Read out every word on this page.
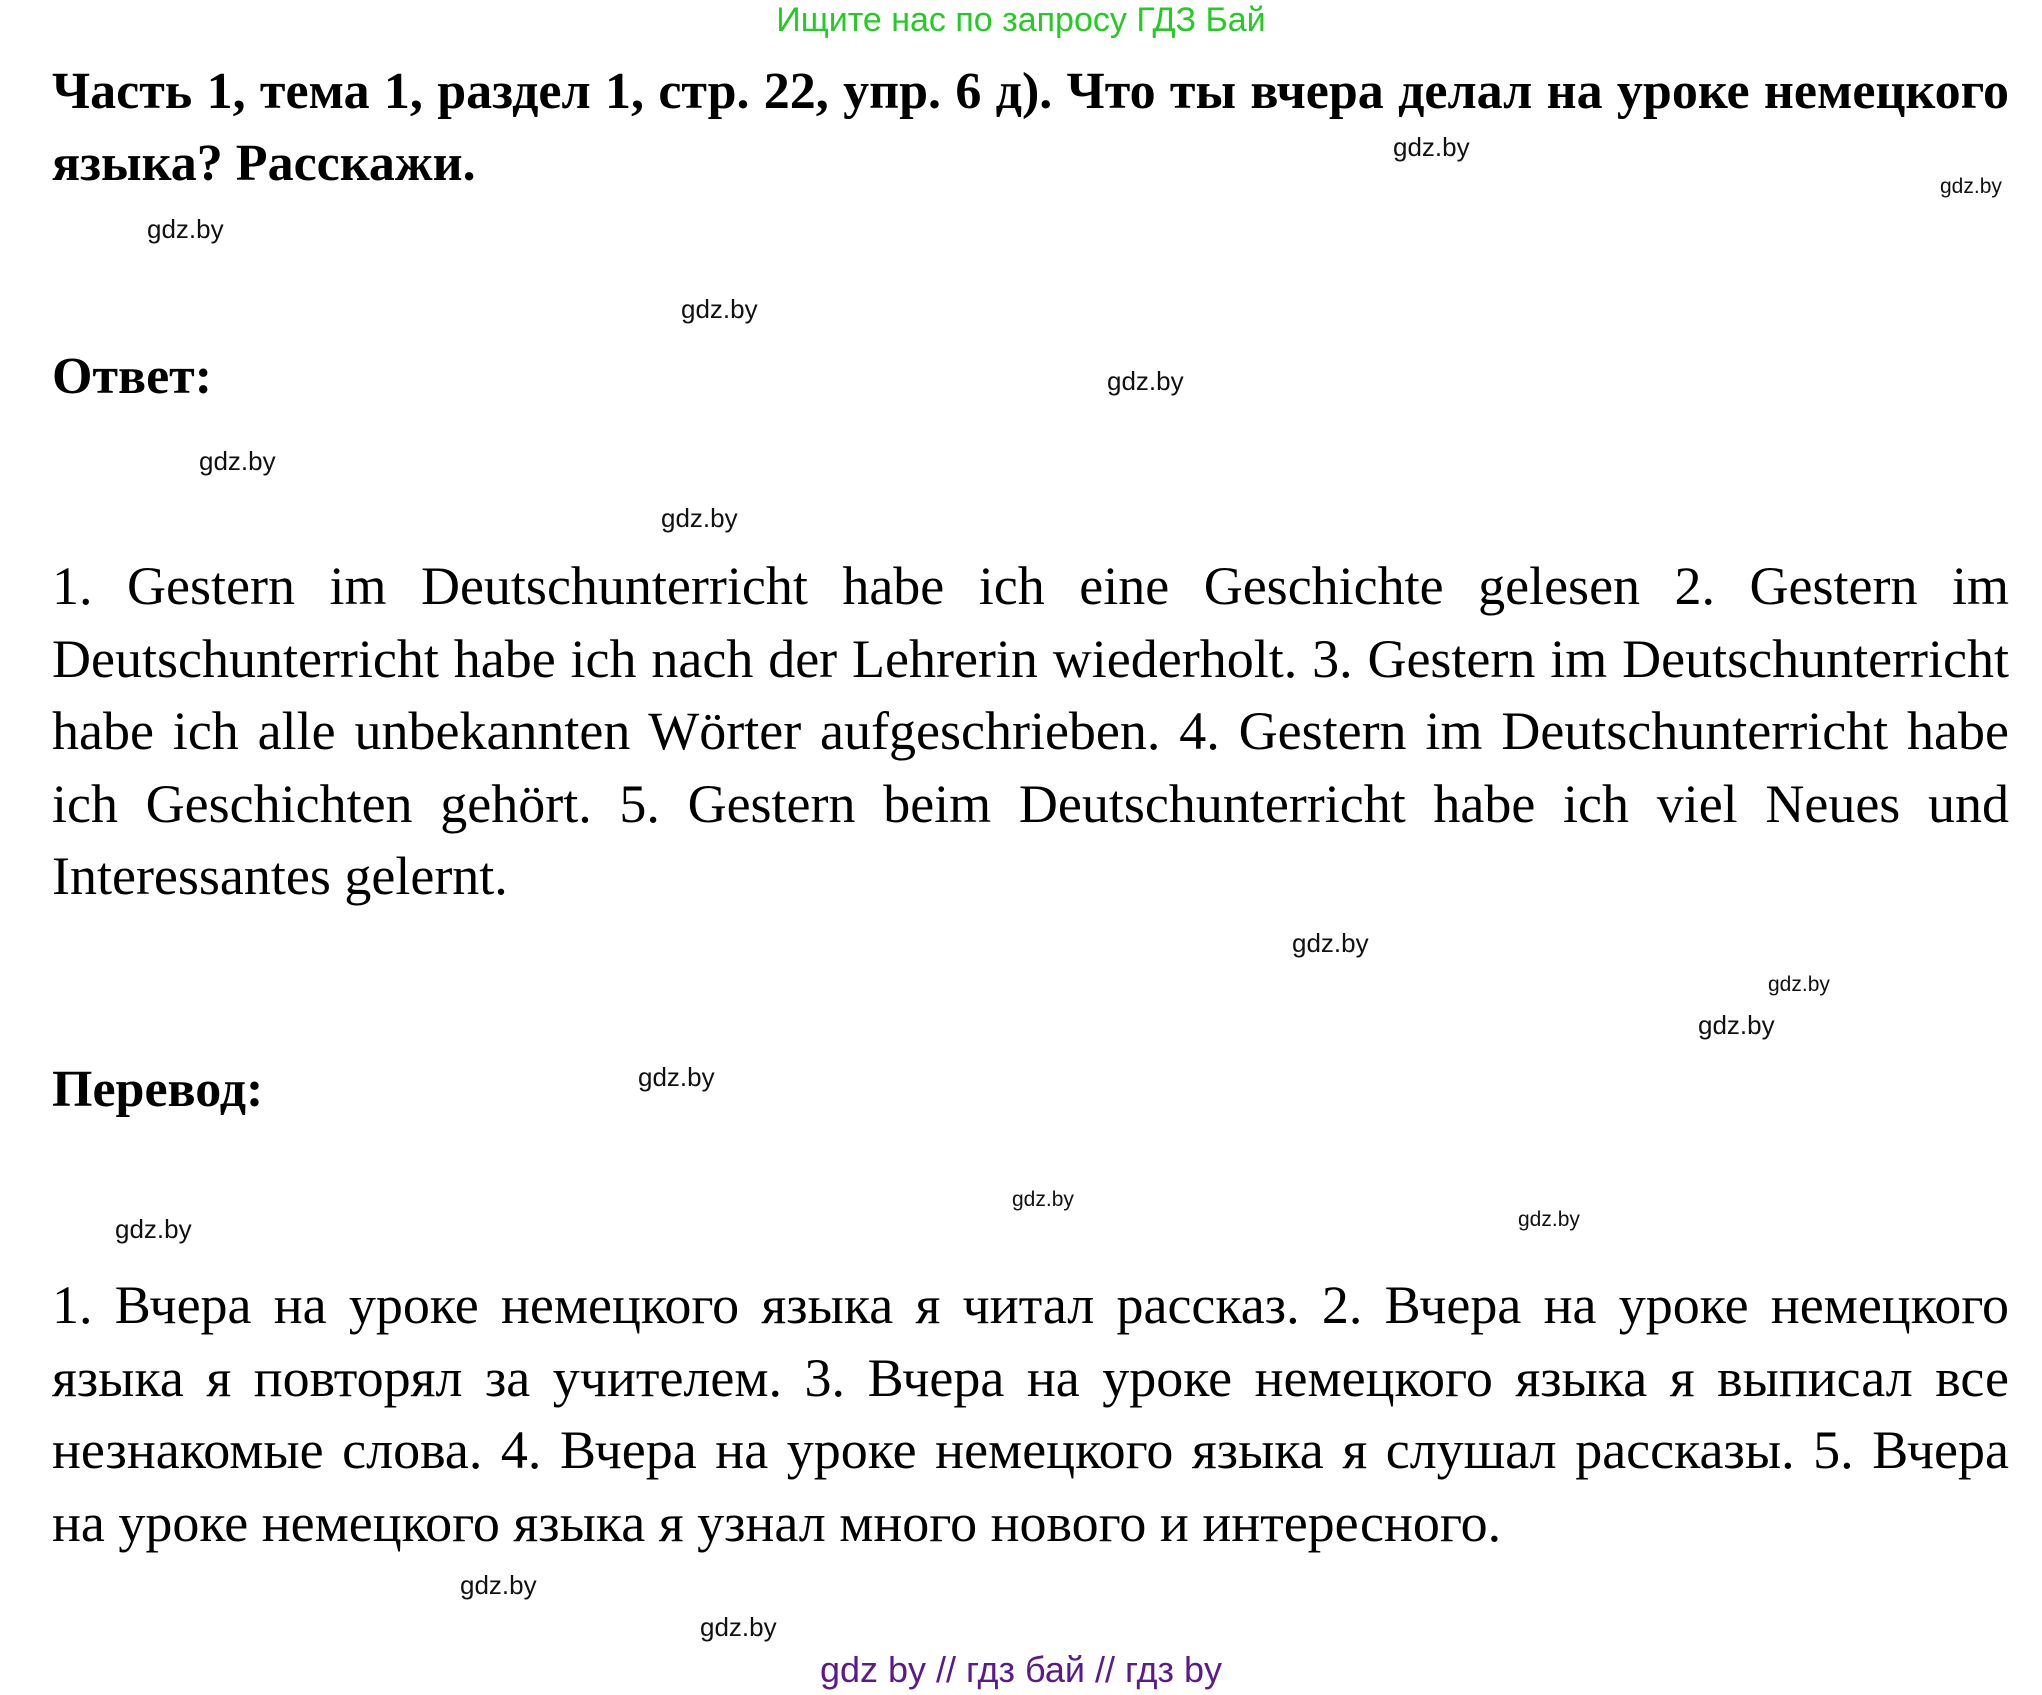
Ищите нас по запросу ГДЗ Бай
Часть 1, тема 1, раздел 1, стр. 22, упр. 6 д). Что ты вчера делал на уроке немецкого языка? Расскажи.
Ответ:
1. Gestern im Deutschunterricht habe ich eine Geschichte gelesen 2. Gestern im Deutschunterricht habe ich nach der Lehrerin wiederholt. 3. Gestern im Deutschunterricht habe ich alle unbekannten Wörter aufgeschrieben. 4. Gestern im Deutschunterricht habe ich Geschichten gehört. 5. Gestern beim Deutschunterricht habe ich viel Neues und Interessantes gelernt.
Перевод:
1. Вчера на уроке немецкого языка я читал рассказ. 2. Вчера на уроке немецкого языка я повторял за учителем. 3. Вчера на уроке немецкого языка я выписал все незнакомые слова. 4. Вчера на уроке немецкого языка я слушал рассказы. 5. Вчера на уроке немецкого языка я узнал много нового и интересного.
gdz.by
gdz.by
gdz.by
gdz.by
gdz.by
gdz.by
gdz.by
gdz.by
gdz.by
gdz.by
gdz.by
gdz.by
gdz.by
gdz.by
gdz.by
gdz.by
gdz by // гдз бай // гдз by
